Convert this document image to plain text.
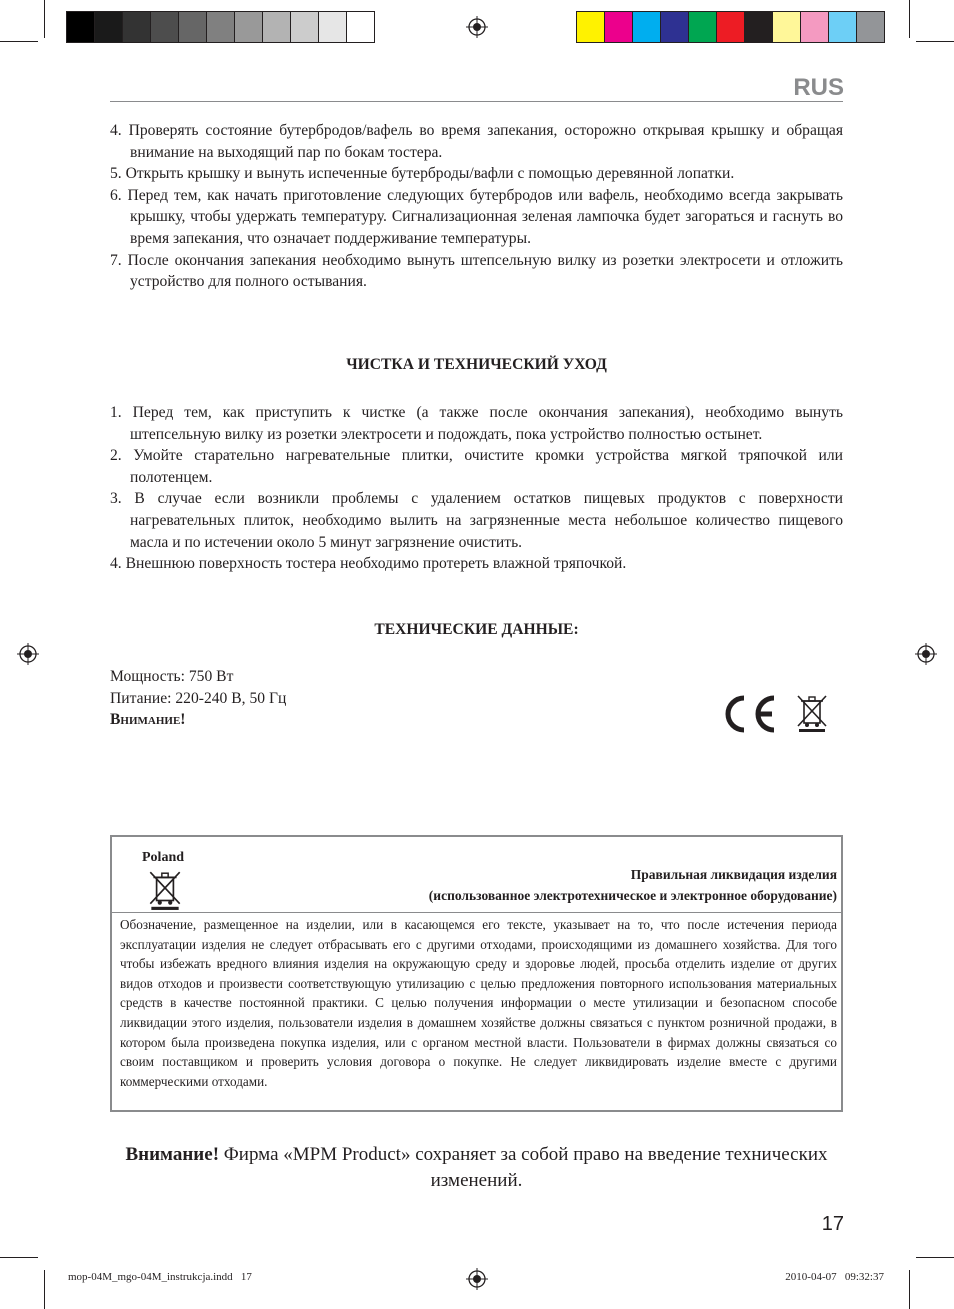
RUS
4. Проверять состояние бутербродов/вафель во время запекания, осторожно открывая крышку и обращая внимание на выходящий пар по бокам тостера.
5. Открыть крышку и вынуть испеченные бутерброды/вафли с помощью деревянной лопатки.
6. Перед тем, как начать приготовление следующих бутербродов или вафель, необходимо всегда закрывать крышку, чтобы удержать температуру. Сигнализационная зеленая лампочка будет загораться и гаснуть во время запекания, что означает поддерживание температуры.
7. После окончания запекания необходимо вынуть штепсельную вилку из розетки электросети и отложить устройство для полного остывания.
ЧИСТКА И ТЕХНИЧЕСКИЙ УХОД
1. Перед тем, как приступить к чистке (а также после окончания запекания), необходимо вынуть штепсельную вилку из розетки электросети и подождать, пока устройство полностью остынет.
2. Умойте старательно нагревательные плитки, очистите кромки устройства мягкой тряпочкой или полотенцем.
3. В случае если возникли проблемы с удалением остатков пищевых продуктов с поверхности нагревательных плиток, необходимо вылить на загрязненные места небольшое количество пищевого масла и по истечении около 5 минут загрязнение очистить.
4. Внешнюю поверхность тостера необходимо протереть влажной тряпочкой.
ТЕХНИЧЕСКИЕ ДАННЫЕ:
Мощность: 750 Вт
Питание: 220-240 В, 50 Гц
Внимание!
Poland
Правильная ликвидация изделия
(использованное электротехническое и электронное оборудование)
Обозначение, размещенное на изделии, или в касающемся его тексте, указывает на то, что после истечения периода эксплуатации изделия не следует отбрасывать его с другими отходами, происходящими из домашнего хозяйства. Для того чтобы избежать вредного влияния изделия на окружающую среду и здоровье людей, просьба отделить изделие от других видов отходов и произвести соответствующую утилизацию с целью предложения повторного использования материальных средств в качестве постоянной практики. С целью получения информации о месте утилизации и безопасном способе ликвидации этого изделия, пользователи изделия в домашнем хозяйстве должны связаться с пунктом розничной продажи, в котором была произведена покупка изделия, или с органом местной власти. Пользователи в фирмах должны связаться со своим поставщиком и проверить условия договора о покупке. Не следует ликвидировать изделие вместе с другими коммерческими отходами.
Внимание! Фирма «MPM Product» сохраняет за собой право на введение технических изменений.
17
mop-04M_mgo-04M_instrukcja.indd   17	2010-04-07   09:32:37
